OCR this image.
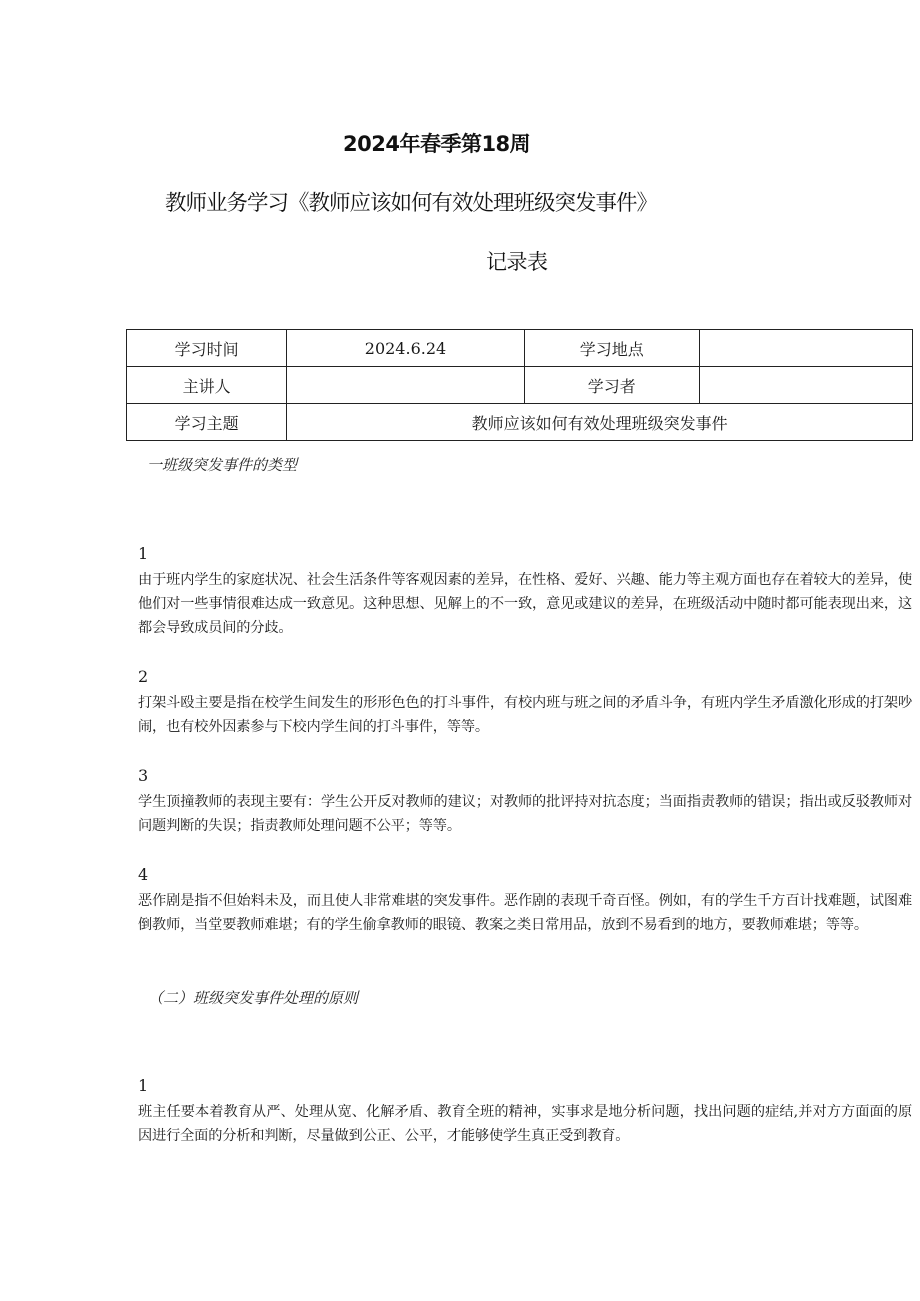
2024年春季第18周
教师业务学习《教师应该如何有效处理班级突发事件》
记录表
学习时间	2024.6.24	学习地点	
主讲人		学习者	
学习主题	教师应该如何有效处理班级突发事件		
一班级突发事件的类型
1
由于班内学生的家庭状况、社会生活条件等客观因素的差异，在性格、爱好、兴趣、能力等主观方面也存在着较大的差异，使他们对一些事情很难达成一致意见。这种思想、见解上的不一致，意见或建议的差异，在班级活动中随时都可能表现出来，这都会导致成员间的分歧。
2
打架斗殴主要是指在校学生间发生的形形色色的打斗事件，有校内班与班之间的矛盾斗争，有班内学生矛盾激化形成的打架吵闹，也有校外因素参与下校内学生间的打斗事件，等等。
3
学生顶撞教师的表现主要有：学生公开反对教师的建议；对教师的批评持对抗态度；当面指责教师的错误；指出或反驳教师对问题判断的失误；指责教师处理问题不公平；等等。
4
恶作剧是指不但始料未及，而且使人非常难堪的突发事件。恶作剧的表现千奇百怪。例如，有的学生千方百计找难题，试图难倒教师，当堂要教师难堪；有的学生偷拿教师的眼镜、教案之类日常用品，放到不易看到的地方，要教师难堪；等等。
（二）班级突发事件处理的原则
1
班主任要本着教育从严、处理从宽、化解矛盾、教育全班的精神，实事求是地分析问题，找出问题的症结,并对方方面面的原因进行全面的分析和判断，尽量做到公正、公平，才能够使学生真正受到教育。
